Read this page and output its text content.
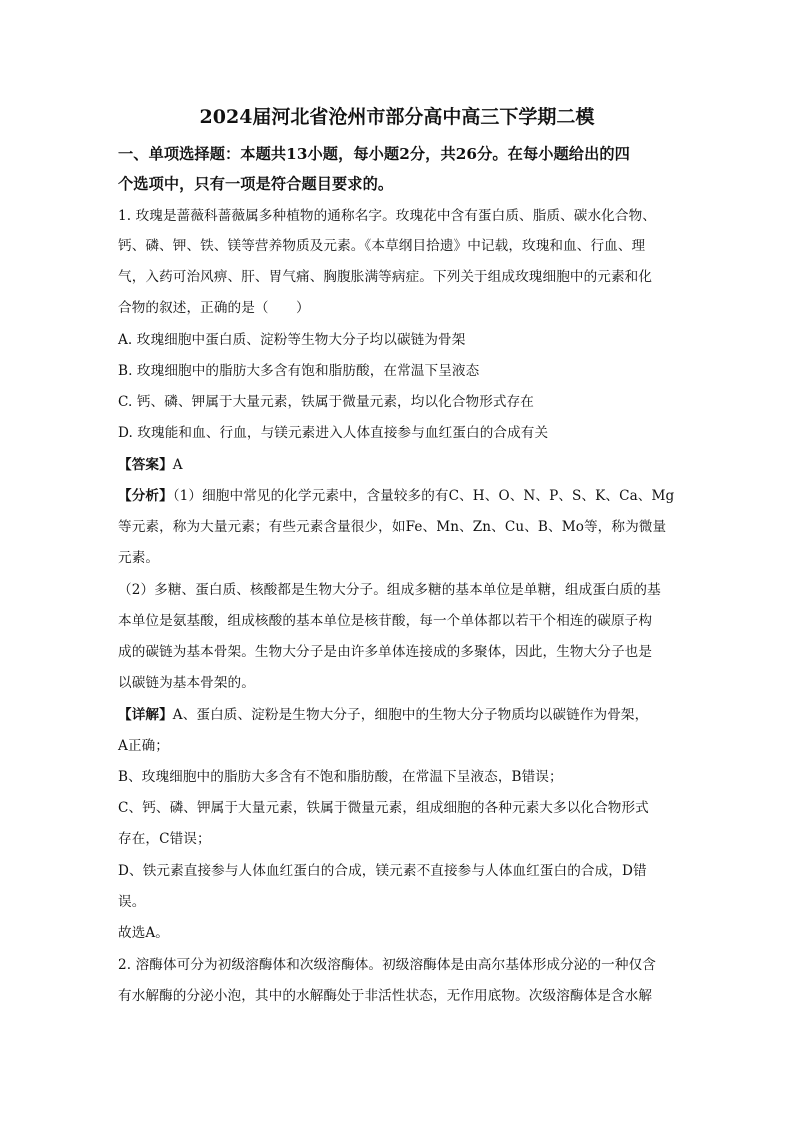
2024届河北省沧州市部分高中高三下学期二模
一、单项选择题：本题共13小题，每小题2分，共26分。在每小题给出的四
个选项中，只有一项是符合题目要求的。
1. 玫瑰是蔷薇科蔷薇属多种植物的通称名字。玫瑰花中含有蛋白质、脂质、碳水化合物、
钙、磷、钾、铁、镁等营养物质及元素。《本草纲目拾遗》中记载，玫瑰和血、行血、理
气，入药可治风痹、肝、胃气痛、胸腹胀满等病症。下列关于组成玫瑰细胞中的元素和化
合物的叙述，正确的是（　　）
A. 玫瑰细胞中蛋白质、淀粉等生物大分子均以碳链为骨架
B. 玫瑰细胞中的脂肪大多含有饱和脂肪酸，在常温下呈液态
C. 钙、磷、钾属于大量元素，铁属于微量元素，均以化合物形式存在
D. 玫瑰能和血、行血，与镁元素进入人体直接参与血红蛋白的合成有关
【答案】A
【分析】（1）细胞中常见的化学元素中，含量较多的有C、H、O、N、P、S、K、Ca、Mg
等元素，称为大量元素；有些元素含量很少，如Fe、Mn、Zn、Cu、B、Mo等，称为微量
元素。
（2）多糖、蛋白质、核酸都是生物大分子。组成多糖的基本单位是单糖，组成蛋白质的基
本单位是氨基酸，组成核酸的基本单位是核苷酸，每一个单体都以若干个相连的碳原子构
成的碳链为基本骨架。生物大分子是由许多单体连接成的多聚体，因此，生物大分子也是
以碳链为基本骨架的。
【详解】A、蛋白质、淀粉是生物大分子，细胞中的生物大分子物质均以碳链作为骨架，
A正确；
B、玫瑰细胞中的脂肪大多含有不饱和脂肪酸，在常温下呈液态，B错误；
C、钙、磷、钾属于大量元素，铁属于微量元素，组成细胞的各种元素大多以化合物形式
存在，C错误；
D、铁元素直接参与人体血红蛋白的合成，镁元素不直接参与人体血红蛋白的合成，D错
误。
故选A。
2. 溶酶体可分为初级溶酶体和次级溶酶体。初级溶酶体是由高尔基体形成分泌的一种仅含
有水解酶的分泌小泡，其中的水解酶处于非活性状态，无作用底物。次级溶酶体是含水解
